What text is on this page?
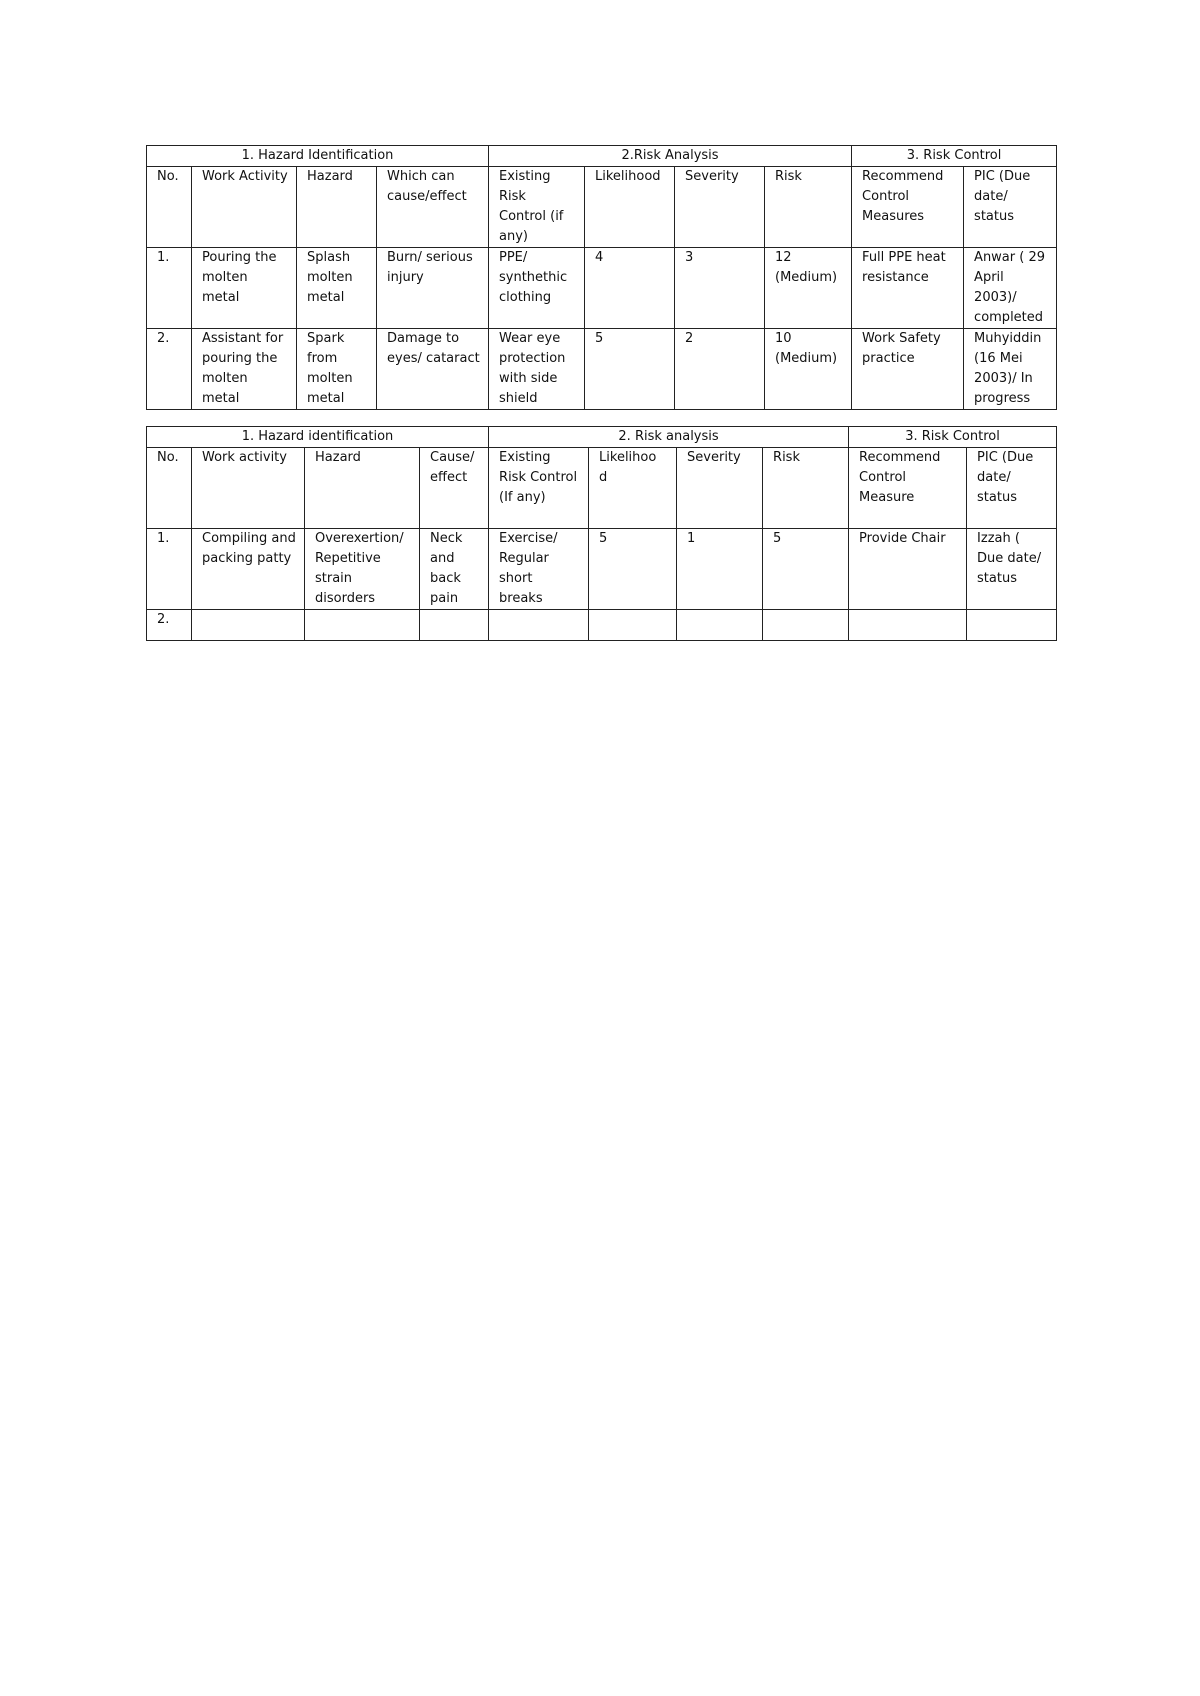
1. Hazard Identification				2.Risk Analysis				3. Risk Control	
No.	Work Activity	Hazard	Which can cause/effect	Existing Risk Control (if any)	Likelihood	Severity	Risk	Recommend Control Measures	PIC (Due date/ status
1.	Pouring the molten metal	Splash molten metal	Burn/ serious injury	PPE/ synthethic clothing	4	3	12 (Medium)	Full PPE heat resistance	Anwar ( 29 April 2003)/ completed
2.	Assistant for pouring the molten metal	Spark from molten metal	Damage to eyes/ cataract	Wear eye protection with side shield	5	2	10 (Medium)	Work Safety practice	Muhyiddin (16 Mei 2003)/ In progress
1. Hazard identification				2. Risk analysis				3. Risk Control	
No.	Work activity	Hazard	Cause/ effect	Existing Risk Control (If any)	Likelihoo d	Severity	Risk	Recommend Control Measure	PIC (Due date/ status
1.	Compiling and packing patty	Overexertion/ Repetitive strain disorders	Neck and back pain	Exercise/ Regular short breaks	5	1	5	Provide Chair	Izzah ( Due date/ status
2.									
